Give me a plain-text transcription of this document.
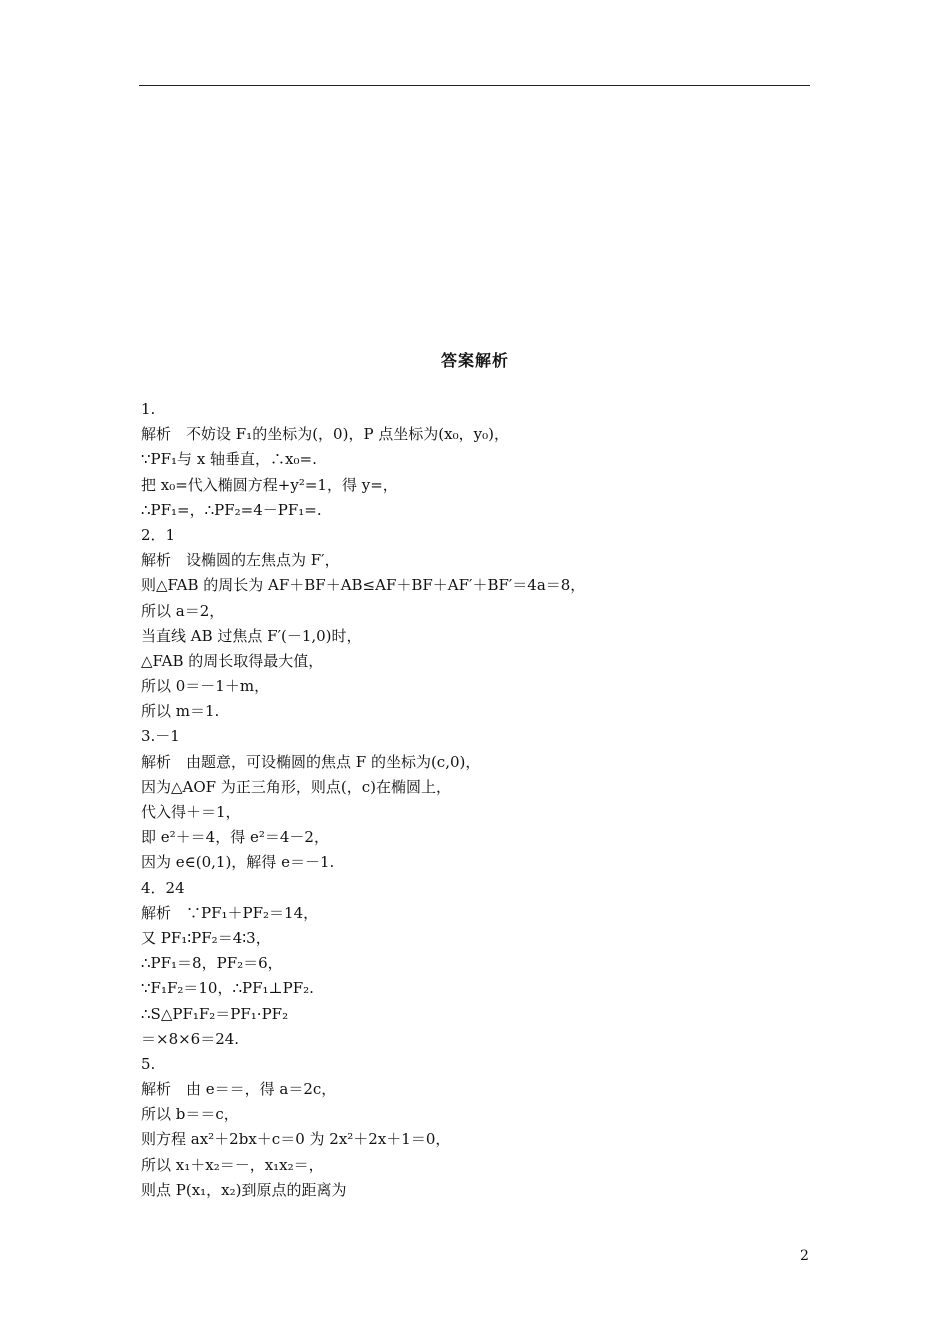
答案解析
1.
解析　不妨设 F₁的坐标为(，0)，P 点坐标为(x₀，y₀)，
∵PF₁与 x 轴垂直，∴x₀=.
把 x₀=代入椭圆方程+y²=1，得 y=，
∴PF₁=，∴PF₂=4－PF₁=.
2．1
解析　设椭圆的左焦点为 F′，
则△FAB 的周长为 AF＋BF＋AB≤AF＋BF＋AF′＋BF′＝4a＝8，
所以 a＝2，
当直线 AB 过焦点 F′(－1,0)时，
△FAB 的周长取得最大值，
所以 0＝－1＋m，
所以 m＝1.
3.－1
解析　由题意，可设椭圆的焦点 F 的坐标为(c,0)，
因为△AOF 为正三角形，则点(，c)在椭圆上，
代入得＋＝1，
即 e²＋＝4，得 e²＝4－2，
因为 e∈(0,1)，解得 e＝－1.
4．24
解析　∵PF₁＋PF₂＝14，
又 PF₁∶PF₂＝4∶3，
∴PF₁＝8，PF₂＝6，
∵F₁F₂＝10，∴PF₁⊥PF₂.
∴S△PF₁F₂＝PF₁·PF₂
＝×8×6＝24.
5.
解析　由 e＝＝，得 a＝2c，
所以 b＝＝c，
则方程 ax²＋2bx＋c＝0 为 2x²＋2x＋1＝0，
所以 x₁＋x₂＝－，x₁x₂＝，
则点 P(x₁，x₂)到原点的距离为
2
